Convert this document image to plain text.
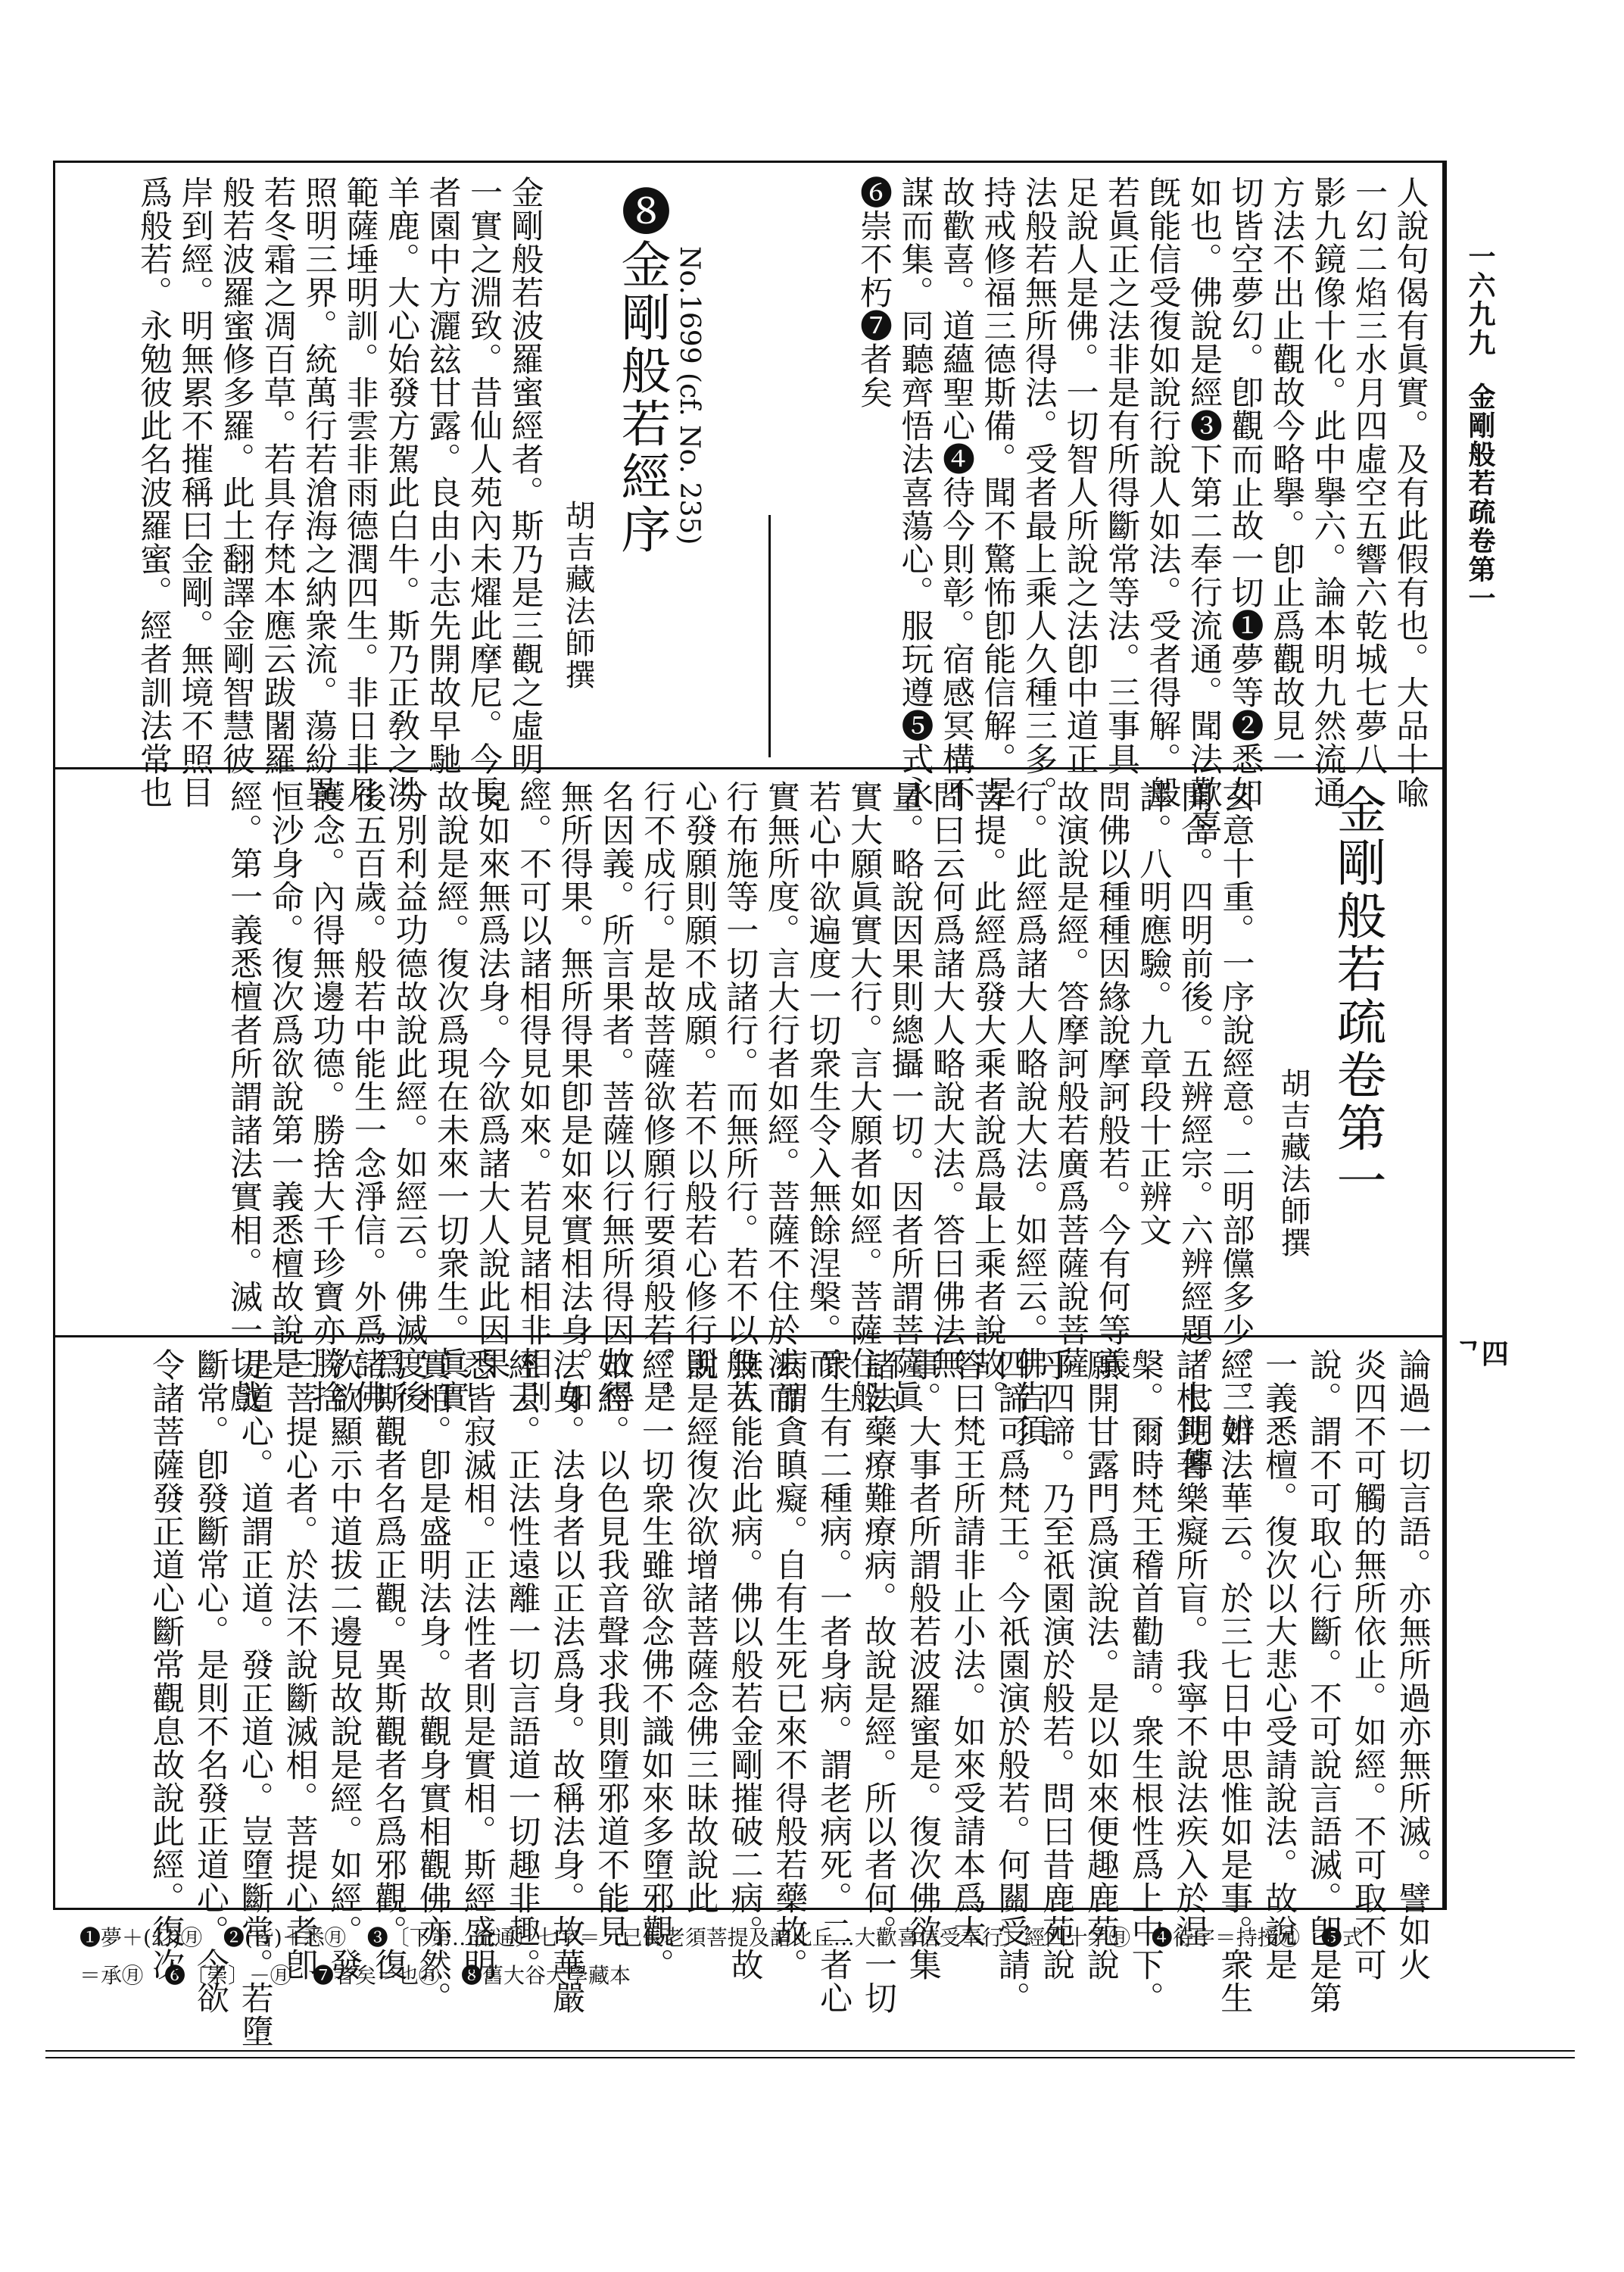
一六九九
金剛般若疏卷第一
ᄀ四
人說句偈有眞實。及有此假有也。大品十喩
一幻二焰三水月四虛空五響六乾城七夢八
影九鏡像十化。此中擧六。論本明九然流通
方法不出止觀故今略擧。卽止爲觀故見一
切皆空夢幻。卽觀而止故一切❶夢等❷悉如
如也。佛說是經❸下第二奉行流通。聞法歡喜
旣能信受復如說行說人如法。受者得解。般
若眞正之法非是有所得斷常等法。三事具
足說人是佛。一切智人所說之法卽中道正
法般若無所得法。受者最上乘人久種三多。
持戒修福三德斯備。聞不驚怖卽能信解。是
故歡喜。道蘊聖心❹待今則彰。宿感冥構不
謀而集。同聽齊悟法喜蕩心。服玩遵❺式永
❻崇不朽❼者矣
No.1699 (cf. No. 235)
❽金剛般若經序
胡吉藏法師撰
金剛般若波羅蜜經者。斯乃是三觀之虛明。
一實之淵致。昔仙人苑內未燿此摩尼。今長
者園中方灑玆甘露。良由小志先開故早馳
羊鹿。大心始發方駕此白牛。斯乃正敎之洪
範薩埵明訓。非雲非雨德潤四生。非日非月
照明三界。統萬行若滄海之納衆流。蕩紛異
若冬霜之凋百草。若具存梵本應云跋闍羅
般若波羅蜜修多羅。此土翻譯金剛智慧彼
岸到經。明無累不摧稱曰金剛。無境不照目
爲般若。永勉彼此名波羅蜜。經者訓法常也
金剛般若疏卷第一
胡吉藏法師撰
玄意十重。一序說經意。二明部儻多少。三辨
開合。四明前後。五辨經宗。六辨經題。七明傳
譯。八明應驗。九章段十正辨文
問佛以種種因緣說摩訶般若。今有何等義
故演說是經。答摩訶般若廣爲菩薩說菩薩
行。此經爲諸大人略說大法。如經云。佛告須
菩提。此經爲發大乘者說爲最上乘者說故。
問曰云何爲諸大人略說大法。答曰佛法無
量。略說因果則總攝一切。因者所謂菩薩眞
實大願眞實大行。言大願者如經。菩薩住般
若心中欲遍度一切衆生令入無餘涅槃。而
實無所度。言大行者如經。菩薩不住於法而
行布施等一切諸行。而無所行。若不以般若
心發願則願不成願。若不以般若心修行則
行不成行。是故菩薩欲修願行要須般若。是
名因義。所言果者。菩薩以行無所得因故得
無所得果。無所得果卽是如來實相法身。如
經。不可以諸相得見如來。若見諸相非相則
見如來無爲法身。今欲爲諸大人說此因果
故說是經。復次爲現在未來一切衆生。眞實
分別利益功德故說此經。如經云。佛滅度後
後五百歲。般若中能生一念淨信。外爲諸佛
護念。內得無邊功德。勝捨大千珍寶亦勝捨
恒沙身命。復次爲欲說第一義悉檀故說是
經。第一義悉檀者所謂諸法實相。滅一切戲
論過一切言語。亦無所過亦無所滅。譬如火
炎四不可觸的無所依止。如經。不可取不可
說。謂不可取心行斷。不可說言語滅。卽是第
一義悉檀。復次以大悲心受請說法。故說是
經。如法華云。於三七日中思惟如是事。衆生
諸根鈍著樂癡所盲。我寧不說法疾入於涅
槃。爾時梵王稽首勸請。衆生根性爲上中下。
願開甘露門爲演說法。是以如來便趣鹿苑說
乎四諦。乃至祇園演於般若。問曰昔鹿苑說
四諦可爲梵王。今祇園演於般若。何關受請。
答曰梵王所請非止小法。如來受請本爲大
事。大事者所謂般若波羅蜜是。復次佛欲集
諸法藥療難療病。故說是經。所以者何。一切
衆生有二種病。一者身病。謂老病死。二者心
病謂貪瞋癡。自有生死已來不得般若藥故。
無人能治此病。佛以般若金剛摧破二病。故
說是經復次欲增諸菩薩念佛三昧故說此
經。一切衆生雖欲念佛不識如來多墮邪觀。
如經。以色見我音聲求我則墮邪道不能見
法身。法身者以正法爲身。故稱法身。故華嚴
經云。正法性遠離一切言語道一切趣非趣。
悉皆寂滅相。正法性者則是實相。斯經盛明
實相。卽是盛明法身。故觀身實相觀佛亦然。
爲斯觀者名爲正觀。異斯觀者名爲邪觀。復
次欲顯示中道拔二邊見故說是經。如經。發
三菩提心者。於法不說斷滅相。菩提心者卽
是道心。道謂正道。發正道心。豈墮斷常。若墮
斷常。卽發斷常心。是則不名發正道心。今欲
令諸菩薩發正道心斷常觀息故說此經。復次
❶夢＋(幻)㊊　❷(皆)＋悉㊊　❸〔下第…流通〕七字＝〔已長老須菩提及諸比丘…大歡喜信受奉行〕經四十字㊊　❹待字＝持授㊊　❺式
＝承㊊　❻〔崇〕－㊊　❼者矣＝也㊊　❽舊大谷大學藏本
